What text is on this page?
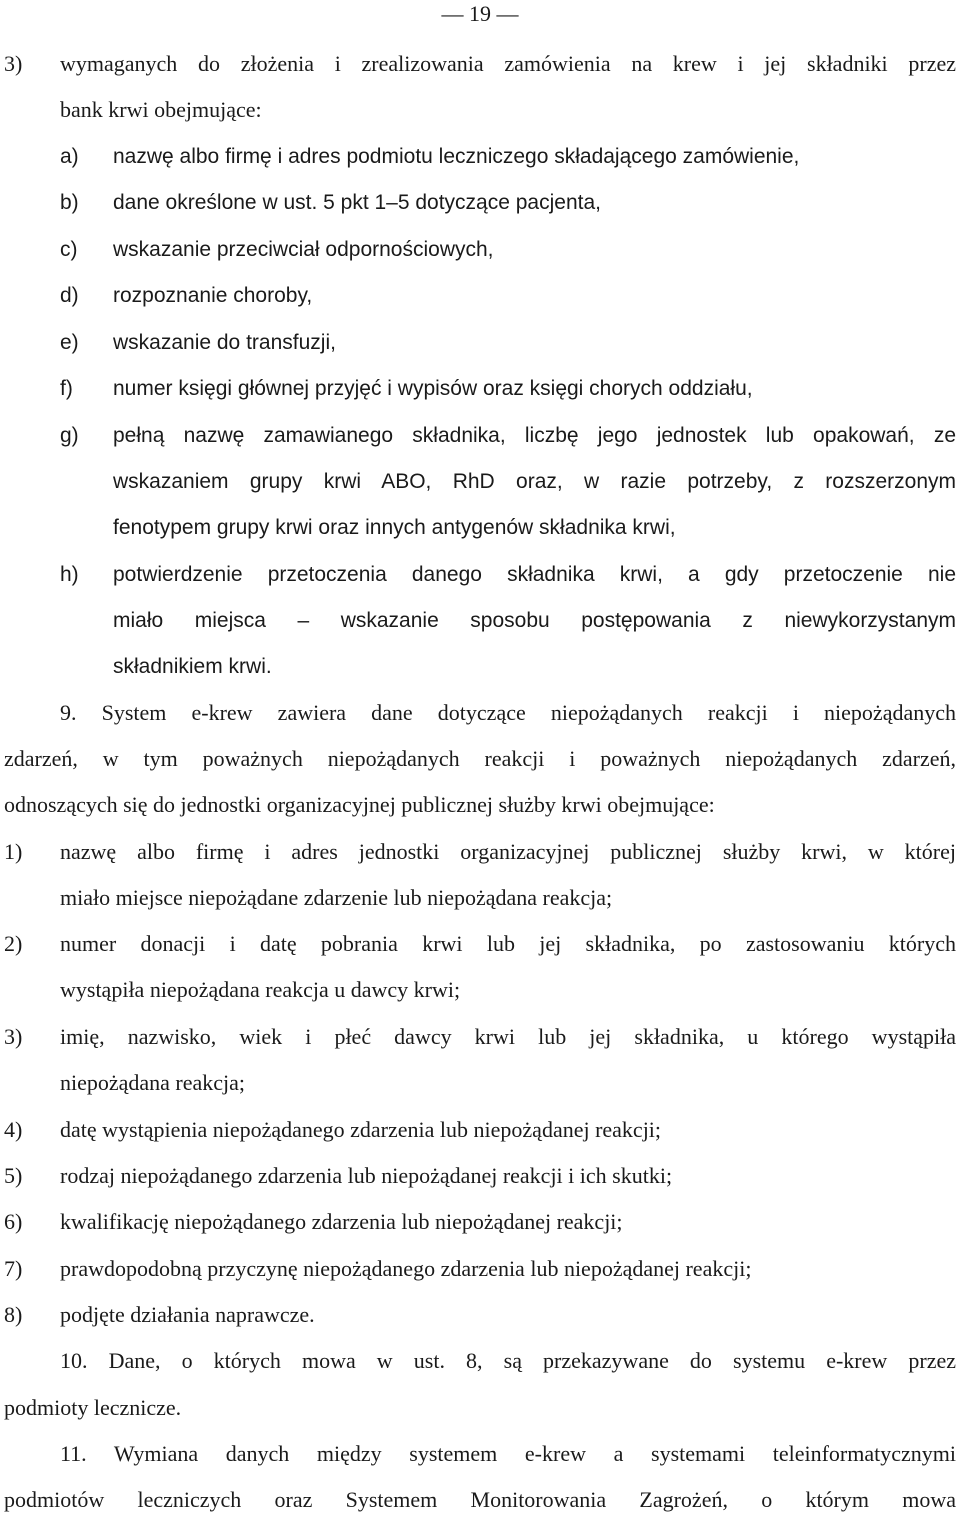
— 19 —
3) wymaganych do złożenia i zrealizowania zamówienia na krew i jej składniki przez
bank krwi obejmujące:
a) nazwę albo firmę i adres podmiotu leczniczego składającego zamówienie,
b) dane określone w ust. 5 pkt 1–5 dotyczące pacjenta,
c) wskazanie przeciwciał odpornościowych,
d) rozpoznanie choroby,
e) wskazanie do transfuzji,
f) numer księgi głównej przyjęć i wypisów oraz księgi chorych oddziału,
g) pełną nazwę zamawianego składnika, liczbę jego jednostek lub opakowań, ze
wskazaniem grupy krwi ABO, RhD oraz, w razie potrzeby, z rozszerzonym
fenotypem grupy krwi oraz innych antygenów składnika krwi,
h) potwierdzenie przetoczenia danego składnika krwi, a gdy przetoczenie nie
miało miejsca – wskazanie sposobu postępowania z niewykorzystanym
składnikiem krwi.
9. System e-krew zawiera dane dotyczące niepożądanych reakcji i niepożądanych
zdarzeń, w tym poważnych niepożądanych reakcji i poważnych niepożądanych zdarzeń,
odnoszących się do jednostki organizacyjnej publicznej służby krwi obejmujące:
1) nazwę albo firmę i adres jednostki organizacyjnej publicznej służby krwi, w której
miało miejsce niepożądane zdarzenie lub niepożądana reakcja;
2) numer donacji i datę pobrania krwi lub jej składnika, po zastosowaniu których
wystąpiła niepożądana reakcja u dawcy krwi;
3) imię, nazwisko, wiek i płeć dawcy krwi lub jej składnika, u którego wystąpiła
niepożądana reakcja;
4) datę wystąpienia niepożądanego zdarzenia lub niepożądanej reakcji;
5) rodzaj niepożądanego zdarzenia lub niepożądanej reakcji i ich skutki;
6) kwalifikację niepożądanego zdarzenia lub niepożądanej reakcji;
7) prawdopodobną przyczynę niepożądanego zdarzenia lub niepożądanej reakcji;
8) podjęte działania naprawcze.
10. Dane, o których mowa w ust. 8, są przekazywane do systemu e-krew przez
podmioty lecznicze.
11. Wymiana danych między systemem e-krew a systemami teleinformatycznymi
podmiotów leczniczych oraz Systemem Monitorowania Zagrożeń, o którym mowa
